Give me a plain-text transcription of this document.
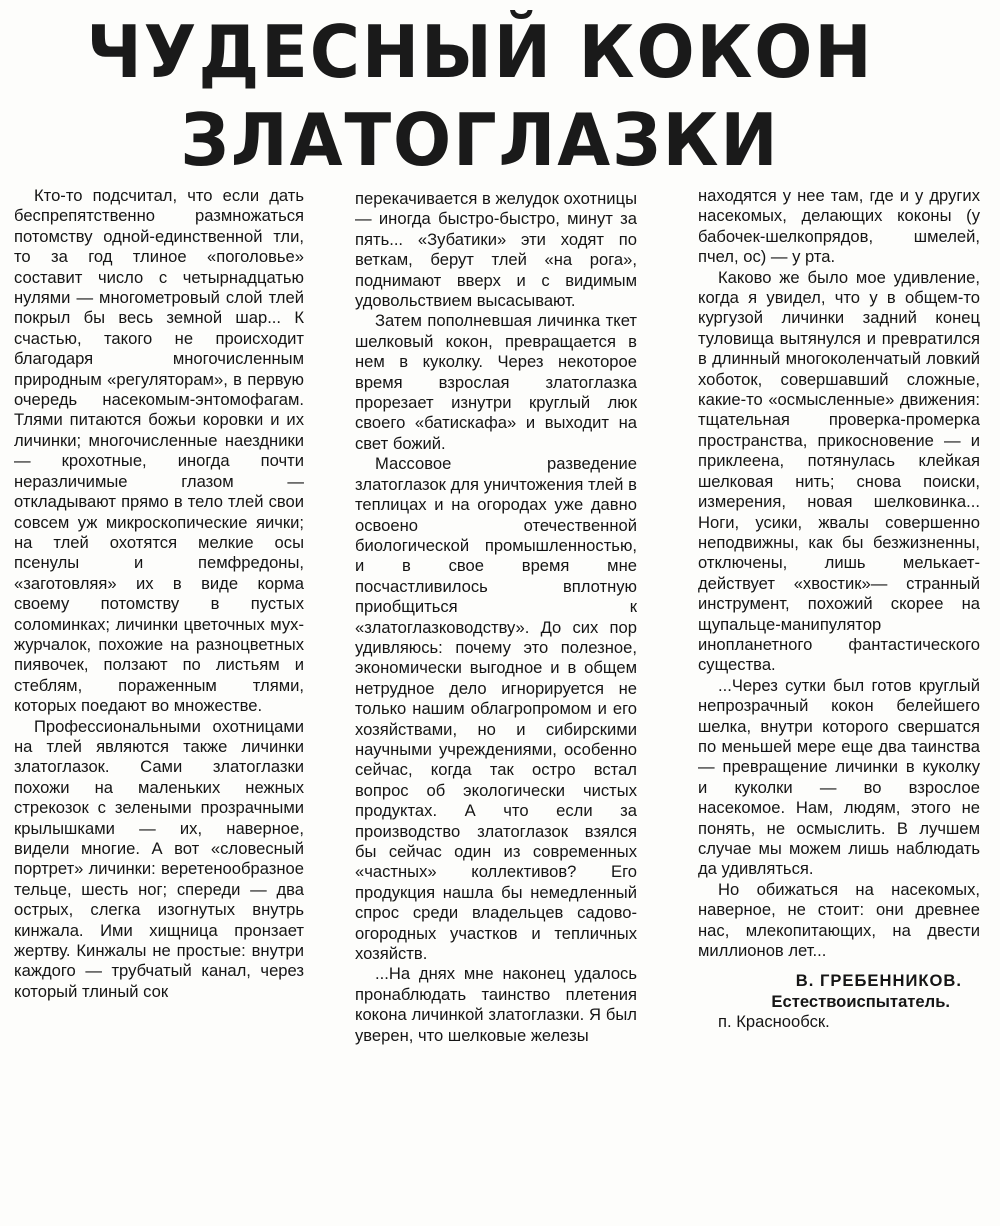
ЧУДЕСНЫЙ КОКОН
ЗЛАТОГЛАЗКИ

Кто-то подсчитал, что если дать беспрепятственно размножаться потомству одной-единственной тли, то за год тлиное «поголовье» составит число с четырнадцатью нулями — многометровый слой тлей покрыл бы весь земной шар... К счастью, такого не происходит благодаря многочисленным природным «регуляторам», в первую очередь насекомым-энтомофагам. Тлями питаются божьи коровки и их личинки; многочисленные наездники — крохотные, иногда почти неразличимые глазом — откладывают прямо в тело тлей свои совсем уж микроскопические яички; на тлей охотятся мелкие осы псенулы и пемфредоны, «заготовляя» их в виде корма своему потомству в пустых соломинках; личинки цветочных мух-журчалок, похожие на разноцветных пиявочек, ползают по листьям и стеблям, пораженным тлями, которых поедают во множестве.

Профессиональными охотницами на тлей являются также личинки златоглазок. Сами златоглазки похожи на маленьких нежных стрекозок с зелеными прозрачными крылышками — их, наверное, видели многие. А вот «словесный портрет» личинки: веретенообразное тельце, шесть ног; спереди — два острых, слегка изогнутых внутрь кинжала. Ими хищница пронзает жертву. Кинжалы не простые: внутри каждого — трубчатый канал, через который тлиный сок

перекачивается в желудок охотницы — иногда быстро-быстро, минут за пять... «Зубатики» эти ходят по веткам, берут тлей «на рога», поднимают вверх и с видимым удовольствием высасывают.

Затем пополневшая личинка ткет шелковый кокон, превращается в нем в куколку. Через некоторое время взрослая златоглазка прорезает изнутри круглый люк своего «батискафа» и выходит на свет божий.

Массовое разведение златоглазок для уничтожения тлей в теплицах и на огородах уже давно освоено отечественной биологической промышленностью, и в свое время мне посчастливилось вплотную приобщиться к «златоглазководству». До сих пор удивляюсь: почему это полезное, экономически выгодное и в общем нетрудное дело игнорируется не только нашим облагропромом и его хозяйствами, но и сибирскими научными учреждениями, особенно сейчас, когда так остро встал вопрос об экологически чистых продуктах. А что если за производство златоглазок взялся бы сейчас один из современных «частных» коллективов? Его продукция нашла бы немедленный спрос среди владельцев садово-огородных участков и тепличных хозяйств.

...На днях мне наконец удалось пронаблюдать таинство плетения кокона личинкой златоглазки. Я был уверен, что шелковые железы

находятся у нее там, где и у других насекомых, делающих коконы (у бабочек-шелкопрядов, шмелей, пчел, ос) — у рта.

Каково же было мое удивление, когда я увидел, что у в общем-то кургузой личинки задний конец туловища вытянулся и превратился в длинный многоколенчатый ловкий хоботок, совершавший сложные, какие-то «осмысленные» движения: тщательная проверка-промерка пространства, прикосновение — и приклеена, потянулась клейкая шелковая нить; снова поиски, измерения, новая шелковинка... Ноги, усики, жвалы совершенно неподвижны, как бы безжизненны, отключены, лишь мелькает-действует «хвостик»— странный инструмент, похожий скорее на щупальце-манипулятор инопланетного фантастического существа.

...Через сутки был готов круглый непрозрачный кокон белейшего шелка, внутри которого свершатся по меньшей мере еще два таинства — превращение личинки в куколку и куколки — во взрослое насекомое. Нам, людям, этого не понять, не осмыслить. В лучшем случае мы можем лишь наблюдать да удивляться.

Но обижаться на насекомых, наверное, не стоит: они древнее нас, млекопитающих, на двести миллионов лет...

В. ГРЕБЕННИКОВ.
Естествоиспытатель.
п. Краснообск.
